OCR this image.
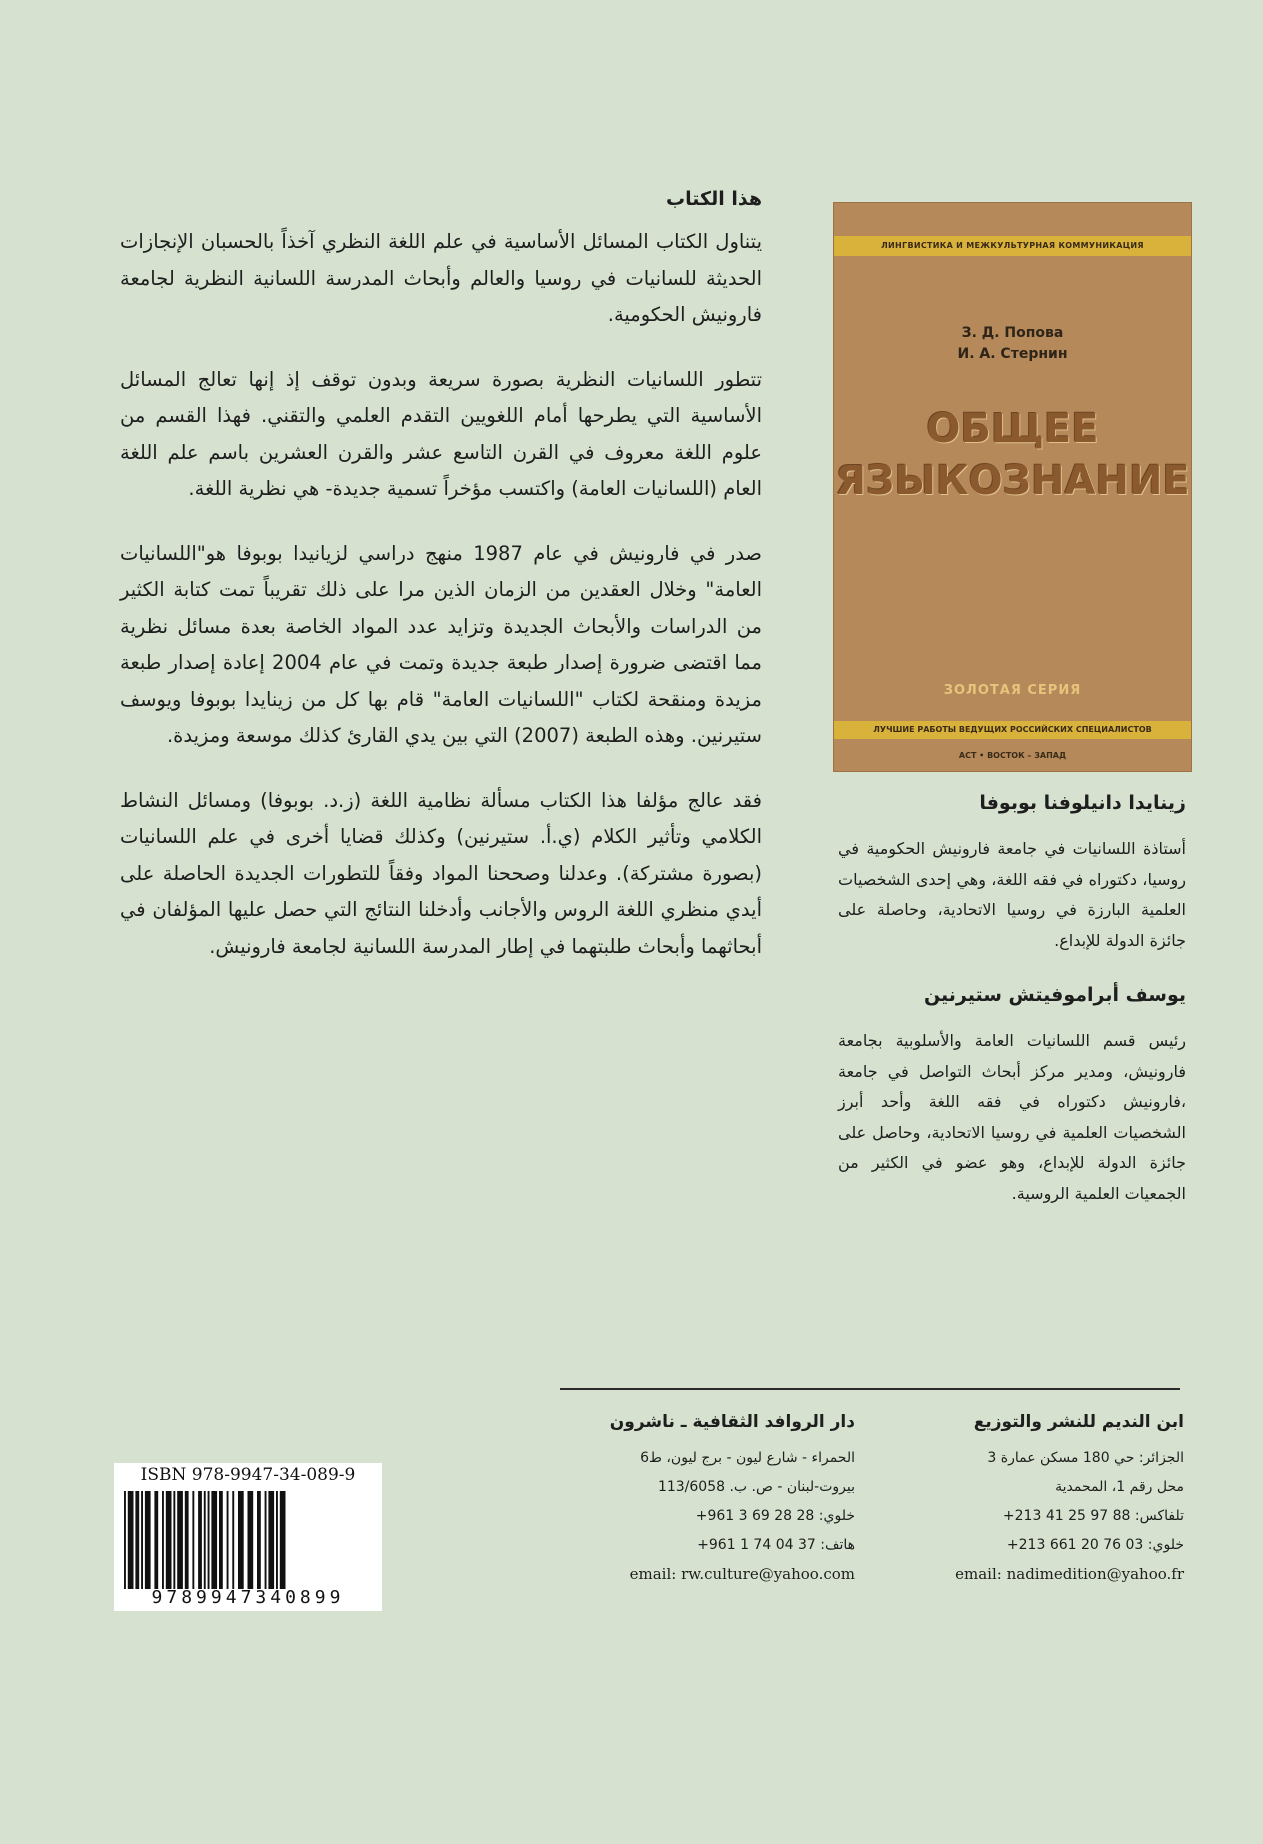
هذا الكتاب

يتناول الكتاب المسائل الأساسية في علم اللغة النظري آخذاً بالحسبان الإنجازات الحديثة للسانيات في روسيا والعالم وأبحاث المدرسة اللسانية النظرية لجامعة فارونيش الحكومية.

تتطور اللسانيات النظرية بصورة سريعة وبدون توقف إذ إنها تعالج المسائل الأساسية التي يطرحها أمام اللغويين التقدم العلمي والتقني. فهذا القسم من علوم اللغة معروف في القرن التاسع عشر والقرن العشرين باسم علم اللغة العام (اللسانيات العامة) واكتسب مؤخراً تسمية جديدة- هي نظرية اللغة.

صدر في فارونيش في عام 1987 منهج دراسي لزيانيدا بوبوفا هو"اللسانيات العامة" وخلال العقدين من الزمان الذين مرا على ذلك تقريباً تمت كتابة الكثير من الدراسات والأبحاث الجديدة وتزايد عدد المواد الخاصة بعدة مسائل نظرية مما اقتضى ضرورة إصدار طبعة جديدة وتمت في عام 2004 إعادة إصدار طبعة مزيدة ومنقحة لكتاب "اللسانيات العامة" قام بها كل من زينايدا بوبوفا ويوسف ستيرنين. وهذه الطبعة (2007) التي بين يدي القارئ كذلك موسعة ومزيدة.

فقد عالج مؤلفا هذا الكتاب مسألة نظامية اللغة (ز.د. بوبوفا) ومسائل النشاط الكلامي وتأثير الكلام (ي.أ. ستيرنين) وكذلك قضايا أخرى في علم اللسانيات (بصورة مشتركة). وعدلنا وصححنا المواد وفقاً للتطورات الجديدة الحاصلة على أيدي منظري اللغة الروس والأجانب وأدخلنا النتائج التي حصل عليها المؤلفان في أبحاثهما وأبحاث طلبتهما في إطار المدرسة اللسانية لجامعة فارونيش.

ЛИНГВИСТИКА И МЕЖКУЛЬТУРНАЯ КОММУНИКАЦИЯ
З. Д. Попова
И. А. Стернин
ОБЩЕЕ
ЯЗЫКОЗНАНИЕ
ЗОЛОТАЯ СЕРИЯ
ЛУЧШИЕ РАБОТЫ ВЕДУЩИХ РОССИЙСКИХ СПЕЦИАЛИСТОВ
АСТ • ВОСТОК – ЗАПАД
زينايدا دانيلوفنا بوبوفا

أستاذة اللسانيات في جامعة فارونيش الحكومية في روسيا، دكتوراه في فقه اللغة، وهي إحدى الشخصيات العلمية البارزة في روسيا الاتحادية، وحاصلة على جائزة الدولة للإبداع.

يوسف أبراموفيتش ستيرنين

رئيس قسم اللسانيات العامة والأسلوبية بجامعة فارونيش، ومدير مركز أبحاث التواصل في جامعة ،فارونيش دكتوراه في فقه اللغة وأحد أبرز الشخصيات العلمية في روسيا الاتحادية، وحاصل على جائزة الدولة للإبداع، وهو عضو في الكثير من الجمعيات العلمية الروسية.

ابن النديم للنشر والتوزيع
الجزائر: حي 180 مسكن عمارة 3
محل رقم 1، المحمدية
تلفاكس: +213 41 25 97 88
خلوي: +213 661 20 76 03
email: nadimedition@yahoo.fr
دار الروافد الثقافية ـ ناشرون
الحمراء - شارع ليون - برج ليون، ط6
بيروت-لبنان - ص. ب. 113/6058
خلوي: +961 3 69 28 28
هاتف: +961 1 74 04 37
email: rw.culture@yahoo.com
ISBN 978-9947-34-089-9
9789947340899
